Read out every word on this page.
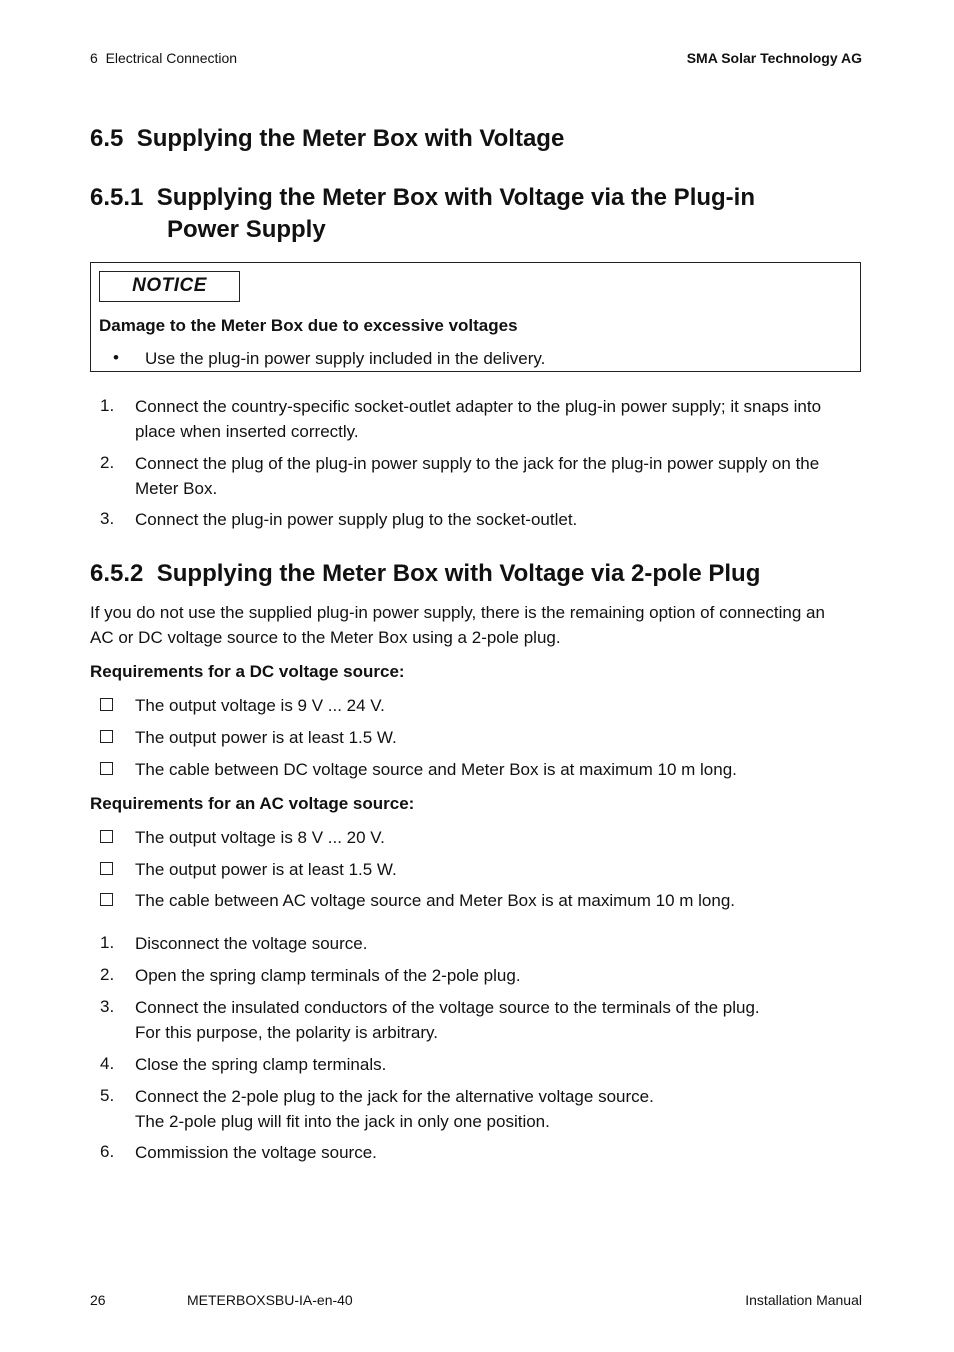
6  Electrical Connection	SMA Solar Technology AG
6.5 Supplying the Meter Box with Voltage
6.5.1 Supplying the Meter Box with Voltage via the Plug-in
Power Supply
NOTICE
Damage to the Meter Box due to excessive voltages
• Use the plug-in power supply included in the delivery.
1. Connect the country-specific socket-outlet adapter to the plug-in power supply; it snaps into
place when inserted correctly.
2. Connect the plug of the plug-in power supply to the jack for the plug-in power supply on the
Meter Box.
3. Connect the plug-in power supply plug to the socket-outlet.
6.5.2 Supplying the Meter Box with Voltage via 2-pole Plug
If you do not use the supplied plug-in power supply, there is the remaining option of connecting an
AC or DC voltage source to the Meter Box using a 2-pole plug.
Requirements for a DC voltage source:
The output voltage is 9 V ... 24 V.
The output power is at least 1.5 W.
The cable between DC voltage source and Meter Box is at maximum 10 m long.
Requirements for an AC voltage source:
The output voltage is 8 V ... 20 V.
The output power is at least 1.5 W.
The cable between AC voltage source and Meter Box is at maximum 10 m long.
1. Disconnect the voltage source.
2. Open the spring clamp terminals of the 2-pole plug.
3. Connect the insulated conductors of the voltage source to the terminals of the plug.
For this purpose, the polarity is arbitrary.
4. Close the spring clamp terminals.
5. Connect the 2-pole plug to the jack for the alternative voltage source.
The 2-pole plug will fit into the jack in only one position.
6. Commission the voltage source.
26	METERBOXSBU-IA-en-40	Installation Manual
